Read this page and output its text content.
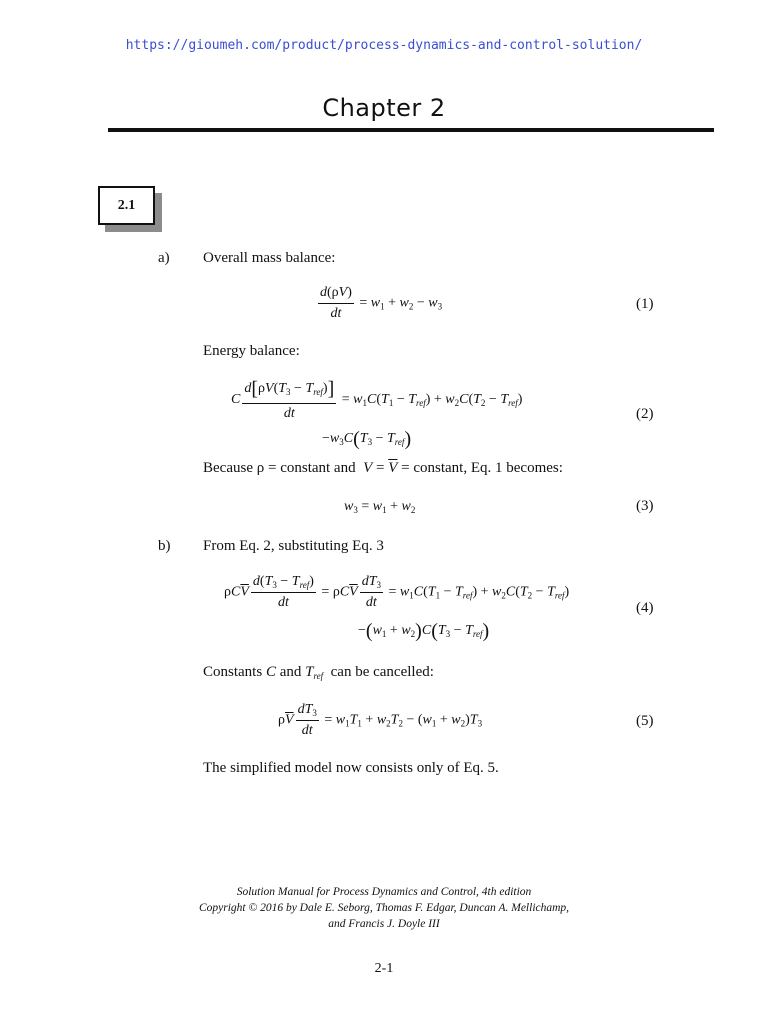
https://gioumeh.com/product/process-dynamics-and-control-solution/
Chapter 2
2.1
a) Overall mass balance:
$\frac{d(\rho V)}{dt} = w_1 + w_2 - w_3$	(1)
Energy balance:
C $\frac{d[\rho V(T_3 - T_{ref})]}{dt} = w_1C(T_1 - T_{ref}) + w_2C(T_2 - T_{ref})$
$-w_3C(T_3 - T_{ref})$
(2)
Because ρ = constant and $V = \overline{V}$ = constant, Eq. 1 becomes:
$w_3 = w_1 + w_2$	(3)
b) From Eq. 2, substituting Eq. 3
$\rho C\overline{V} \frac{d(T_3 - T_{ref})}{dt} = \rho C\overline{V} \frac{dT_3}{dt} = w_1C(T_1 - T_{ref}) + w_2C(T_2 - T_{ref})$
$-(w_1 + w_2)C(T_3 - T_{ref})$
(4)
Constants C and $T_{ref}$ can be cancelled:
$\rho\overline{V} \frac{dT_3}{dt} = w_1T_1 + w_2T_2 - (w_1 + w_2)T_3$	(5)
The simplified model now consists only of Eq. 5.
Solution Manual for Process Dynamics and Control, 4th edition
Copyright © 2016 by Dale E. Seborg, Thomas F. Edgar, Duncan A. Mellichamp,
and Francis J. Doyle III
2-1
